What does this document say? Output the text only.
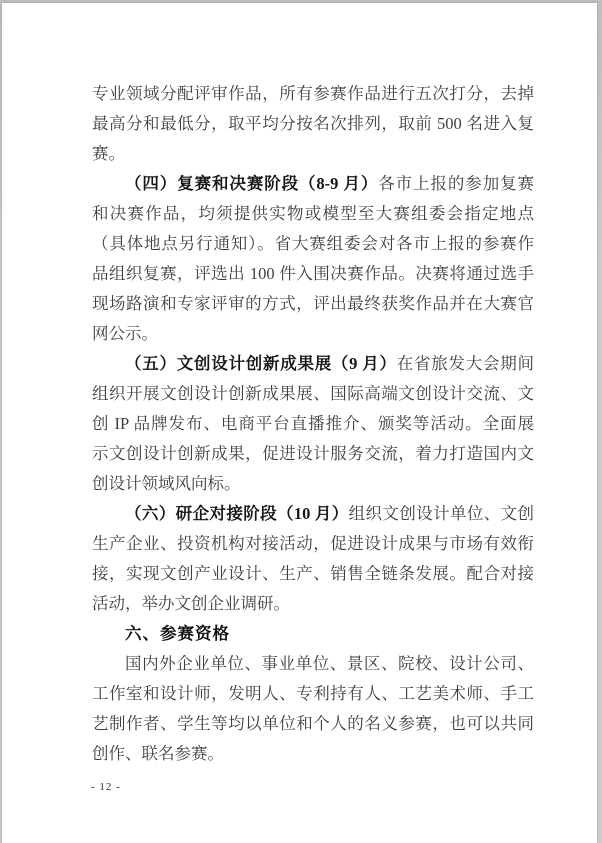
专业领域分配评审作品，所有参赛作品进行五次打分，去掉
最高分和最低分，取平均分按名次排列，取前 500 名进入复
赛。
（四）复赛和决赛阶段（8-9 月）各市上报的参加复赛
和决赛作品，均须提供实物或模型至大赛组委会指定地点
（具体地点另行通知）。省大赛组委会对各市上报的参赛作
品组织复赛，评选出 100 件入围决赛作品。决赛将通过选手
现场路演和专家评审的方式，评出最终获奖作品并在大赛官
网公示。
（五）文创设计创新成果展（9 月）在省旅发大会期间
组织开展文创设计创新成果展、国际高端文创设计交流、文
创 IP 品牌发布、电商平台直播推介、颁奖等活动。全面展
示文创设计创新成果，促进设计服务交流，着力打造国内文
创设计领域风向标。
（六）研企对接阶段（10 月）组织文创设计单位、文创
生产企业、投资机构对接活动，促进设计成果与市场有效衔
接，实现文创产业设计、生产、销售全链条发展。配合对接
活动，举办文创企业调研。
六、参赛资格
国内外企业单位、事业单位、景区、院校、设计公司、
工作室和设计师，发明人、专利持有人、工艺美术师、手工
艺制作者、学生等均以单位和个人的名义参赛，也可以共同
创作、联名参赛。
- 12 -
